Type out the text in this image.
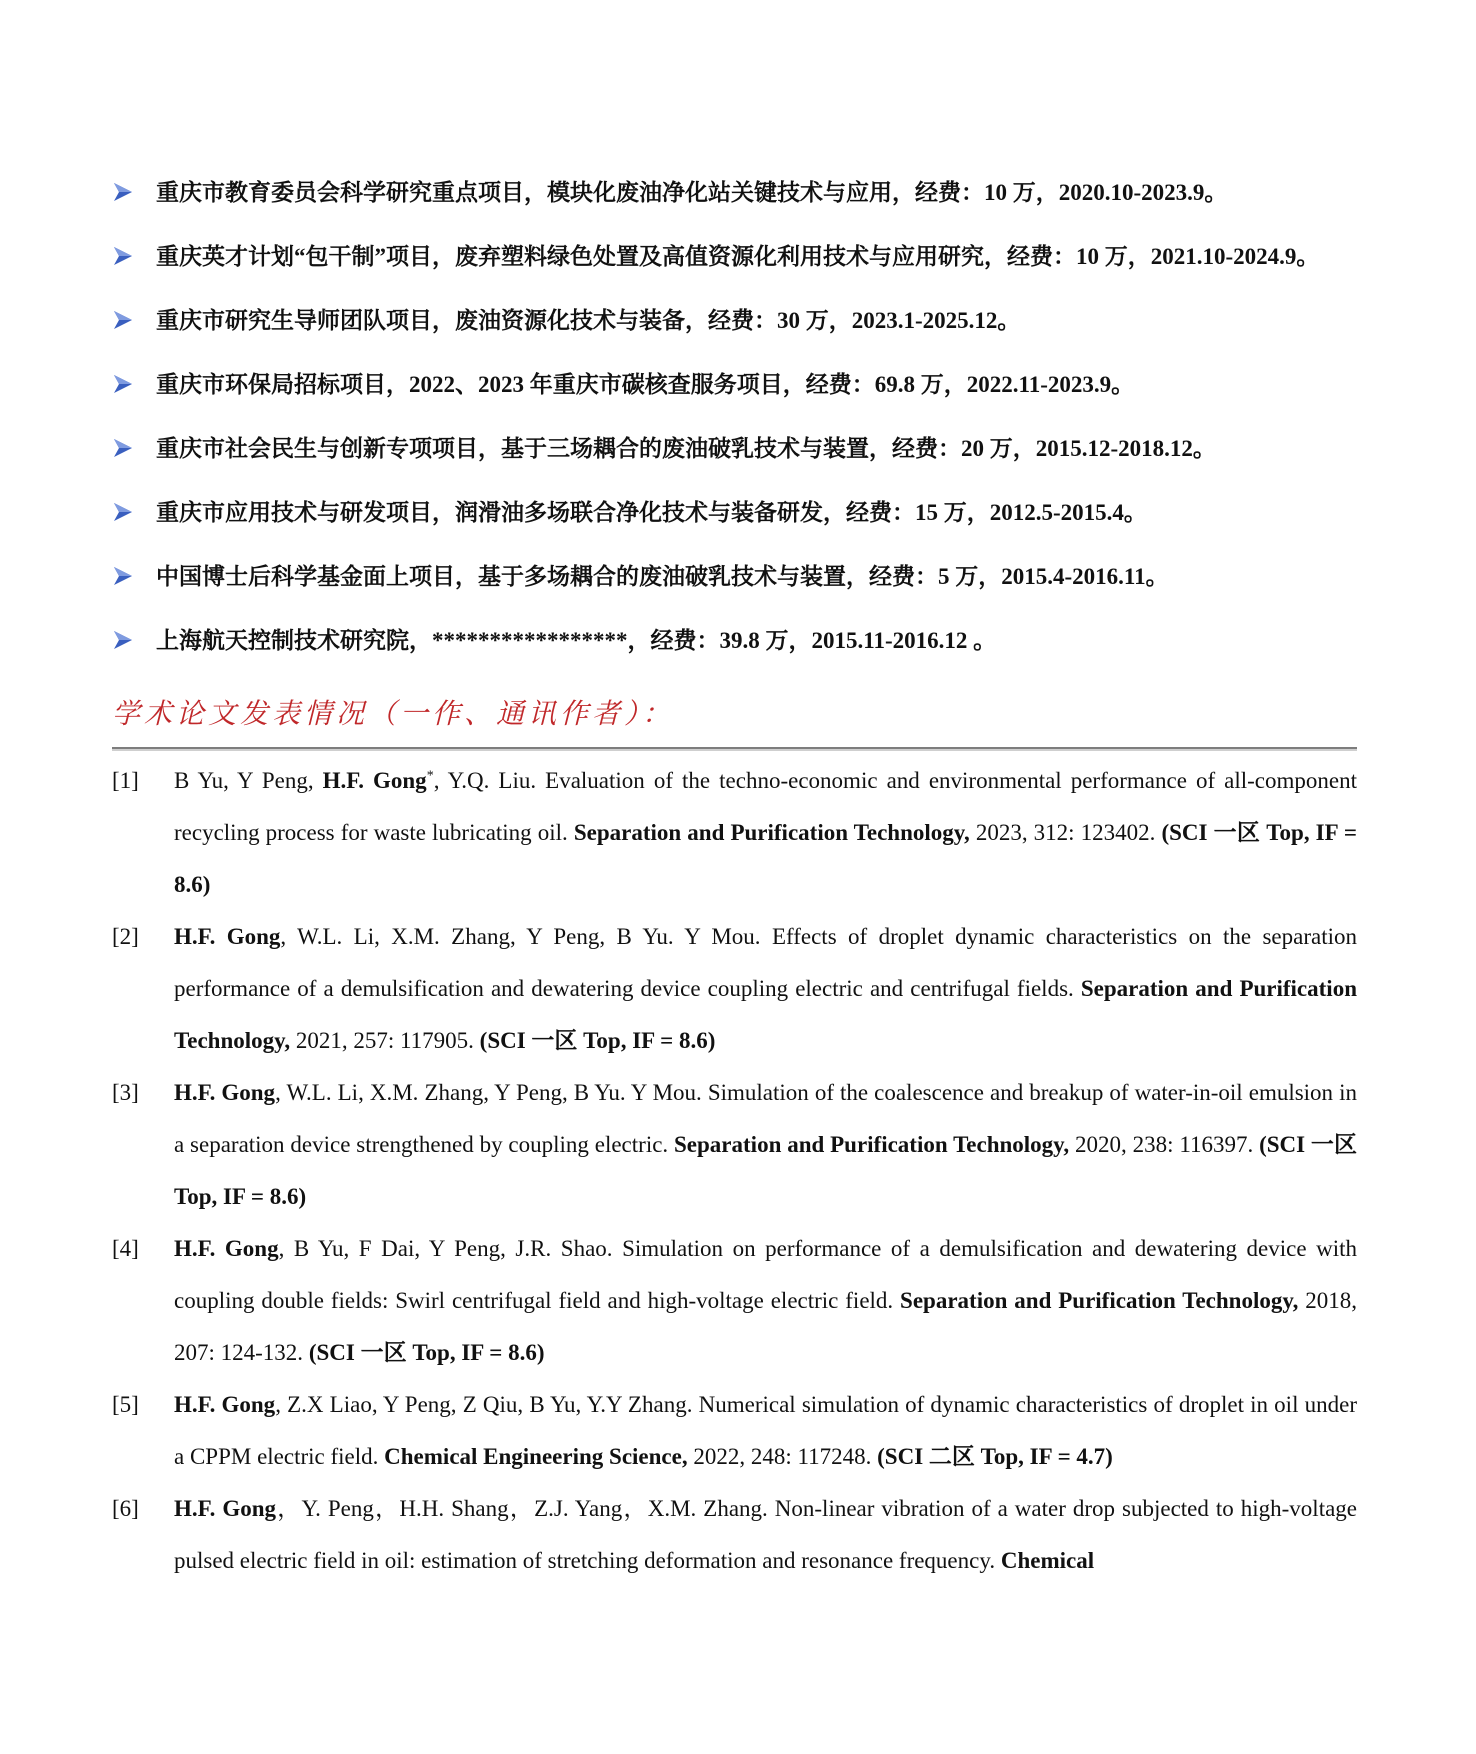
重庆市教育委员会科学研究重点项目，模块化废油净化站关键技术与应用，经费：10 万，2020.10-2023.9。
重庆英才计划“包干制”项目，废弃塑料绿色处置及高值资源化利用技术与应用研究，经费：10 万，2021.10-2024.9。
重庆市研究生导师团队项目，废油资源化技术与装备，经费：30 万，2023.1-2025.12。
重庆市环保局招标项目，2022、2023 年重庆市碳核查服务项目，经费：69.8 万，2022.11-2023.9。
重庆市社会民生与创新专项项目，基于三场耦合的废油破乳技术与装置，经费：20 万，2015.12-2018.12。
重庆市应用技术与研发项目，润滑油多场联合净化技术与装备研发，经费：15 万，2012.5-2015.4。
中国博士后科学基金面上项目，基于多场耦合的废油破乳技术与装置，经费：5 万，2015.4-2016.11。
上海航天控制技术研究院，*****************，经费：39.8 万，2015.11-2016.12 。
学术论文发表情况（一作、通讯作者）：
[1] B Yu, Y Peng, H.F. Gong*, Y.Q. Liu. Evaluation of the techno-economic and environmental performance of all-component recycling process for waste lubricating oil. Separation and Purification Technology, 2023, 312: 123402. (SCI 一区 Top, IF = 8.6)
[2] H.F. Gong, W.L. Li, X.M. Zhang, Y Peng, B Yu. Y Mou. Effects of droplet dynamic characteristics on the separation performance of a demulsification and dewatering device coupling electric and centrifugal fields. Separation and Purification Technology, 2021, 257: 117905. (SCI 一区 Top, IF = 8.6)
[3] H.F. Gong, W.L. Li, X.M. Zhang, Y Peng, B Yu. Y Mou. Simulation of the coalescence and breakup of water-in-oil emulsion in a separation device strengthened by coupling electric. Separation and Purification Technology, 2020, 238: 116397. (SCI 一区 Top, IF = 8.6)
[4] H.F. Gong, B Yu, F Dai, Y Peng, J.R. Shao. Simulation on performance of a demulsification and dewatering device with coupling double fields: Swirl centrifugal field and high-voltage electric field. Separation and Purification Technology, 2018, 207: 124-132. (SCI 一区 Top, IF = 8.6)
[5] H.F. Gong, Z.X Liao, Y Peng, Z Qiu, B Yu, Y.Y Zhang. Numerical simulation of dynamic characteristics of droplet in oil under a CPPM electric field. Chemical Engineering Science, 2022, 248: 117248. (SCI 二区 Top, IF = 4.7)
[6] H.F. Gong，Y. Peng，H.H. Shang，Z.J. Yang，X.M. Zhang. Non-linear vibration of a water drop subjected to high-voltage pulsed electric field in oil: estimation of stretching deformation and resonance frequency. Chemical
